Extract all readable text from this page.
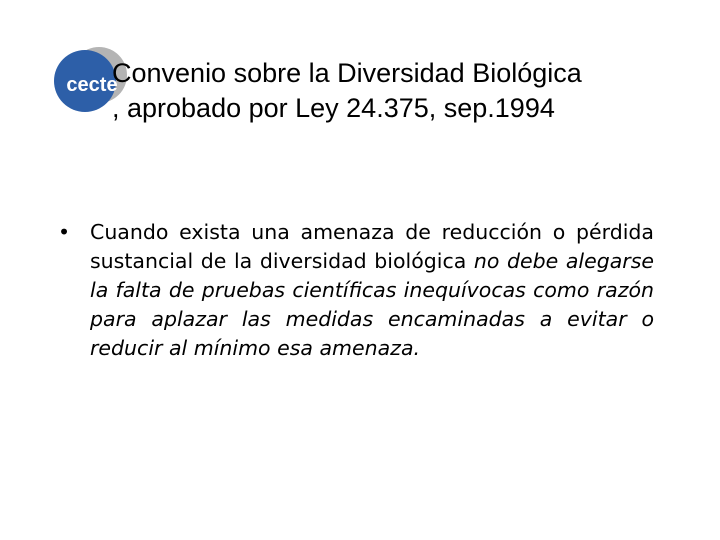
cecte
Convenio sobre la Diversidad Biológica
, aprobado por Ley 24.375, sep.1994
• Cuando exista una amenaza de reducción o pérdida sustancial de la diversidad biológica no debe alegarse la falta de pruebas científicas inequívocas como razón para aplazar las medidas encaminadas a evitar o reducir al mínimo esa amenaza.
